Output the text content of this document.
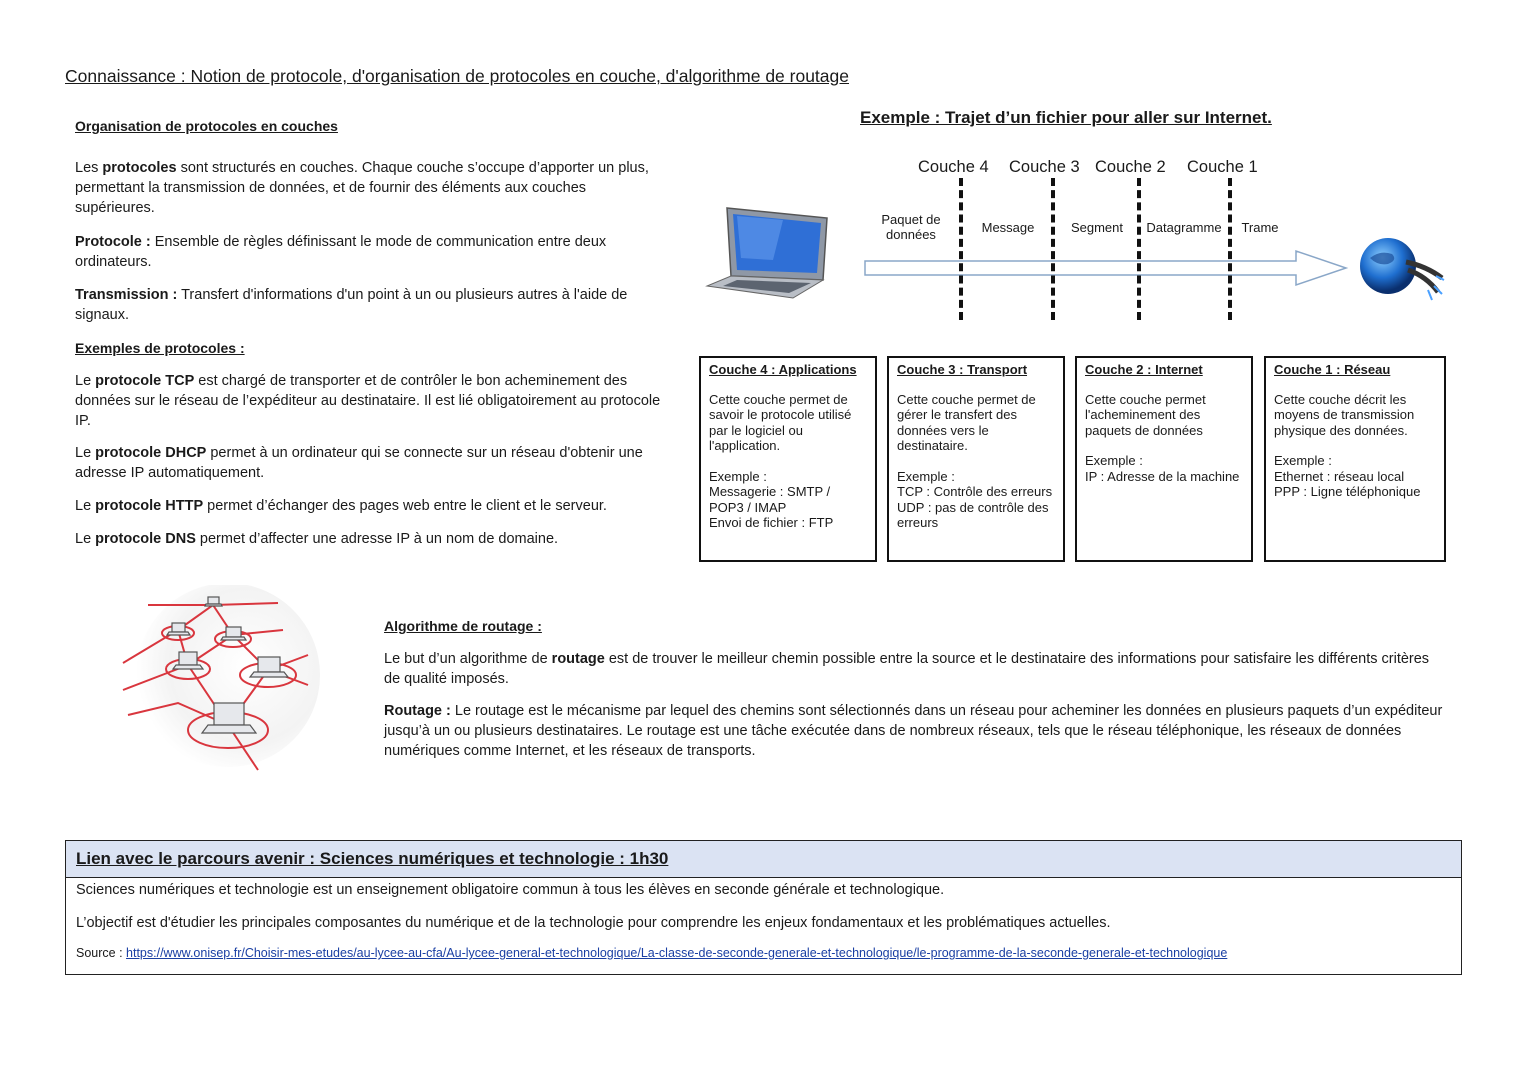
Connaissance : Notion de protocole, d'organisation de protocoles en couche, d'algorithme de routage
Organisation de protocoles en couches
Les protocoles sont structurés en couches. Chaque couche s’occupe d’apporter un plus, permettant la transmission de données, et de fournir des éléments aux couches supérieures.
Protocole : Ensemble de règles définissant le mode de communication entre deux ordinateurs.
Transmission : Transfert d'informations d'un point à un ou plusieurs autres à l'aide de signaux.
Exemples de protocoles :
Le protocole TCP est chargé de transporter et de contrôler le bon acheminement des données sur le réseau de l’expéditeur au destinataire. Il est lié obligatoirement au protocole IP.
Le protocole DHCP permet à un ordinateur qui se connecte sur un réseau d'obtenir une adresse IP automatiquement.
Le protocole HTTP permet d’échanger des pages web entre le client et le serveur.
Le protocole DNS permet d’affecter une adresse IP à un nom de domaine.
Exemple : Trajet d’un fichier pour aller sur Internet.
Couche 4 Couche 3 Couche 2 Couche 1
Paquet de
données	Message	Segment	Datagramme	Trame
Couche 4 : Applications
Cette couche permet de savoir le protocole utilisé par le logiciel ou l'application.
Exemple :
Messagerie : SMTP / POP3 / IMAP
Envoi de fichier : FTP
Couche 3 : Transport
Cette couche permet de gérer le transfert des données vers le destinataire.
Exemple :
TCP : Contrôle des erreurs
UDP : pas de contrôle des erreurs
Couche 2 : Internet
Cette couche permet l'acheminement des paquets de données
Exemple :
IP : Adresse de la machine
Couche 1 : Réseau
Cette couche décrit les moyens de transmission physique des données.
Exemple :
Ethernet : réseau local
PPP : Ligne téléphonique
Algorithme de routage :
Le but d’un algorithme de routage est de trouver le meilleur chemin possible entre la source et le destinataire des informations pour satisfaire les différents critères de qualité imposés.
Routage : Le routage est le mécanisme par lequel des chemins sont sélectionnés dans un réseau pour acheminer les données en plusieurs paquets d’un expéditeur jusqu’à un ou plusieurs destinataires. Le routage est une tâche exécutée dans de nombreux réseaux, tels que le réseau téléphonique, les réseaux de données numériques comme Internet, et les réseaux de transports.
Lien avec le parcours avenir : Sciences numériques et technologie : 1h30
Sciences numériques et technologie est un enseignement obligatoire commun à tous les élèves en seconde générale et technologique.
L’objectif est d'étudier les principales composantes du numérique et de la technologie pour comprendre les enjeux fondamentaux et les problématiques actuelles.
Source : https://www.onisep.fr/Choisir-mes-etudes/au-lycee-au-cfa/Au-lycee-general-et-technologique/La-classe-de-seconde-generale-et-technologique/le-programme-de-la-seconde-generale-et-technologique
